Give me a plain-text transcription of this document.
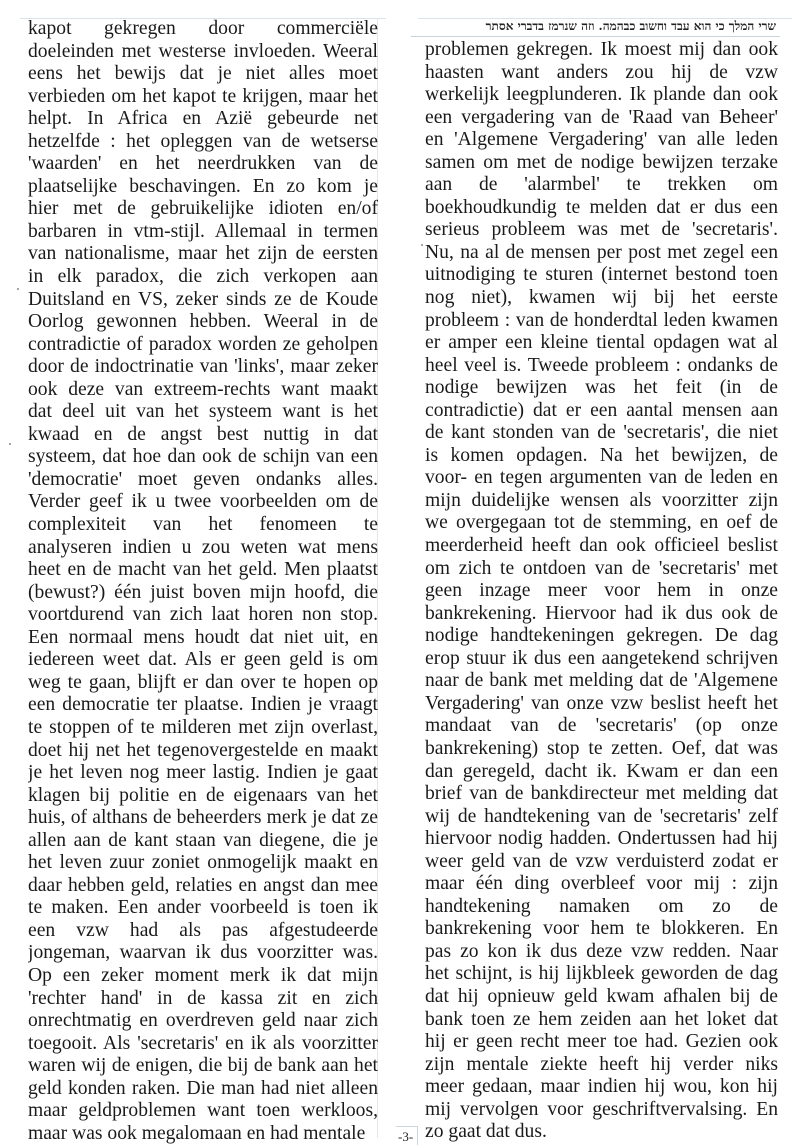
kapot gekregen door commerciële
doeleinden met westerse invloeden. Weeral
eens het bewijs dat je niet alles moet
verbieden om het kapot te krijgen, maar het
helpt. In Africa en Azië gebeurde net
hetzelfde : het opleggen van de wetserse
'waarden' en het neerdrukken van de
plaatselijke beschavingen. En zo kom je
hier met de gebruikelijke idioten en/of
barbaren in vtm-stijl. Allemaal in termen
van nationalisme, maar het zijn de eersten
in elk paradox, die zich verkopen aan
Duitsland en VS, zeker sinds ze de Koude
Oorlog gewonnen hebben. Weeral in de
contradictie of paradox worden ze geholpen
door de indoctrinatie van 'links', maar zeker
ook deze van extreem-rechts want maakt
dat deel uit van het systeem want is het
kwaad en de angst best nuttig in dat
systeem, dat hoe dan ook de schijn van een
'democratie' moet geven ondanks alles.
Verder geef ik u twee voorbeelden om de
complexiteit van het fenomeen te
analyseren indien u zou weten wat mens
heet en de macht van het geld. Men plaatst
(bewust?) één juist boven mijn hoofd, die
voortdurend van zich laat horen non stop.
Een normaal mens houdt dat niet uit, en
iedereen weet dat. Als er geen geld is om
weg te gaan, blijft er dan over te hopen op
een democratie ter plaatse. Indien je vraagt
te stoppen of te milderen met zijn overlast,
doet hij net het tegenovergestelde en maakt
je het leven nog meer lastig. Indien je gaat
klagen bij politie en de eigenaars van het
huis, of althans de beheerders merk je dat ze
allen aan de kant staan van diegene, die je
het leven zuur zoniet onmogelijk maakt en
daar hebben geld, relaties en angst dan mee
te maken. Een ander voorbeeld is toen ik
een vzw had als pas afgestudeerde
jongeman, waarvan ik dus voorzitter was.
Op een zeker moment merk ik dat mijn
'rechter hand' in de kassa zit en zich
onrechtmatig en overdreven geld naar zich
toegooit. Als 'secretaris' en ik als voorzitter
waren wij de enigen, die bij de bank aan het
geld konden raken. Die man had niet alleen
maar geldproblemen want toen werkloos,
maar was ook megalomaan en had mentale
שרי המלך כי הוא עבד וחשוב כבהמה. וזה שנרמז בדברי אסתר
problemen gekregen. Ik moest mij dan ook
haasten want anders zou hij de vzw
werkelijk leegplunderen. Ik plande dan ook
een vergadering van de 'Raad van Beheer'
en 'Algemene Vergadering' van alle leden
samen om met de nodige bewijzen terzake
aan de 'alarmbel' te trekken om
boekhoudkundig te melden dat er dus een
serieus probleem was met de 'secretaris'.
Nu, na al de mensen per post met zegel een
uitnodiging te sturen (internet bestond toen
nog niet), kwamen wij bij het eerste
probleem : van de honderdtal leden kwamen
er amper een kleine tiental opdagen wat al
heel veel is. Tweede probleem : ondanks de
nodige bewijzen was het feit (in de
contradictie) dat er een aantal mensen aan
de kant stonden van de 'secretaris', die niet
is komen opdagen. Na het bewijzen, de
voor- en tegen argumenten van de leden en
mijn duidelijke wensen als voorzitter zijn
we overgegaan tot de stemming, en oef de
meerderheid heeft dan ook officieel beslist
om zich te ontdoen van de 'secretaris' met
geen inzage meer voor hem in onze
bankrekening. Hiervoor had ik dus ook de
nodige handtekeningen gekregen. De dag
erop stuur ik dus een aangetekend schrijven
naar de bank met melding dat de 'Algemene
Vergadering' van onze vzw beslist heeft het
mandaat van de 'secretaris' (op onze
bankrekening) stop te zetten. Oef, dat was
dan geregeld, dacht ik. Kwam er dan een
brief van de bankdirecteur met melding dat
wij de handtekening van de 'secretaris' zelf
hiervoor nodig hadden. Ondertussen had hij
weer geld van de vzw verduisterd zodat er
maar één ding overbleef voor mij : zijn
handtekening namaken om zo de
bankrekening voor hem te blokkeren. En
pas zo kon ik dus deze vzw redden. Naar
het schijnt, is hij lijkbleek geworden de dag
dat hij opnieuw geld kwam afhalen bij de
bank toen ze hem zeiden aan het loket dat
hij er geen recht meer toe had. Gezien ook
zijn mentale ziekte heeft hij verder niks
meer gedaan, maar indien hij wou, kon hij
mij vervolgen voor geschriftvervalsing. En
zo gaat dat dus.
-3-
